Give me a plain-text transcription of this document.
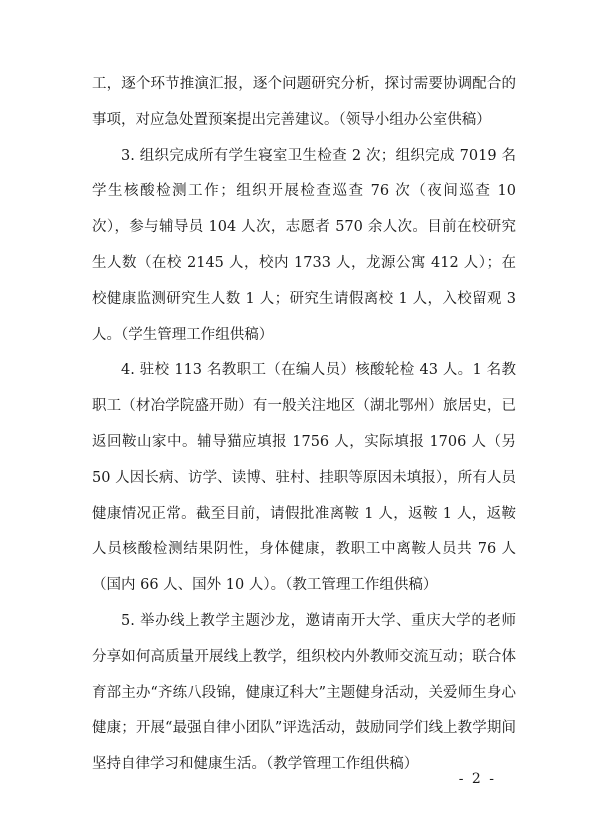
工，逐个环节推演汇报，逐个问题研究分析，探讨需要协调配合的事项，对应急处置预案提出完善建议。（领导小组办公室供稿）

3. 组织完成所有学生寝室卫生检查 2 次；组织完成 7019 名学生核酸检测工作；组织开展检查巡查 76 次（夜间巡查 10 次），参与辅导员 104 人次，志愿者 570 余人次。目前在校研究生人数（在校 2145 人，校内 1733 人，龙源公寓 412 人）；在校健康监测研究生人数 1 人；研究生请假离校 1 人，入校留观 3 人。（学生管理工作组供稿）

4. 驻校 113 名教职工（在编人员）核酸轮检 43 人。1 名教职工（材冶学院盛开勋）有一般关注地区（湖北鄂州）旅居史，已返回鞍山家中。辅导猫应填报 1756 人，实际填报 1706 人（另 50 人因长病、访学、读博、驻村、挂职等原因未填报），所有人员健康情况正常。截至目前，请假批准离鞍 1 人，返鞍 1 人，返鞍人员核酸检测结果阴性，身体健康，教职工中离鞍人员共 76 人（国内 66 人、国外 10 人）。（教工管理工作组供稿）

5. 举办线上教学主题沙龙，邀请南开大学、重庆大学的老师分享如何高质量开展线上教学，组织校内外教师交流互动；联合体育部主办“齐练八段锦，健康辽科大”主题健身活动，关爱师生身心健康；开展“最强自律小团队”评选活动，鼓励同学们线上教学期间坚持自律学习和健康生活。（教学管理工作组供稿）

- 2 -
